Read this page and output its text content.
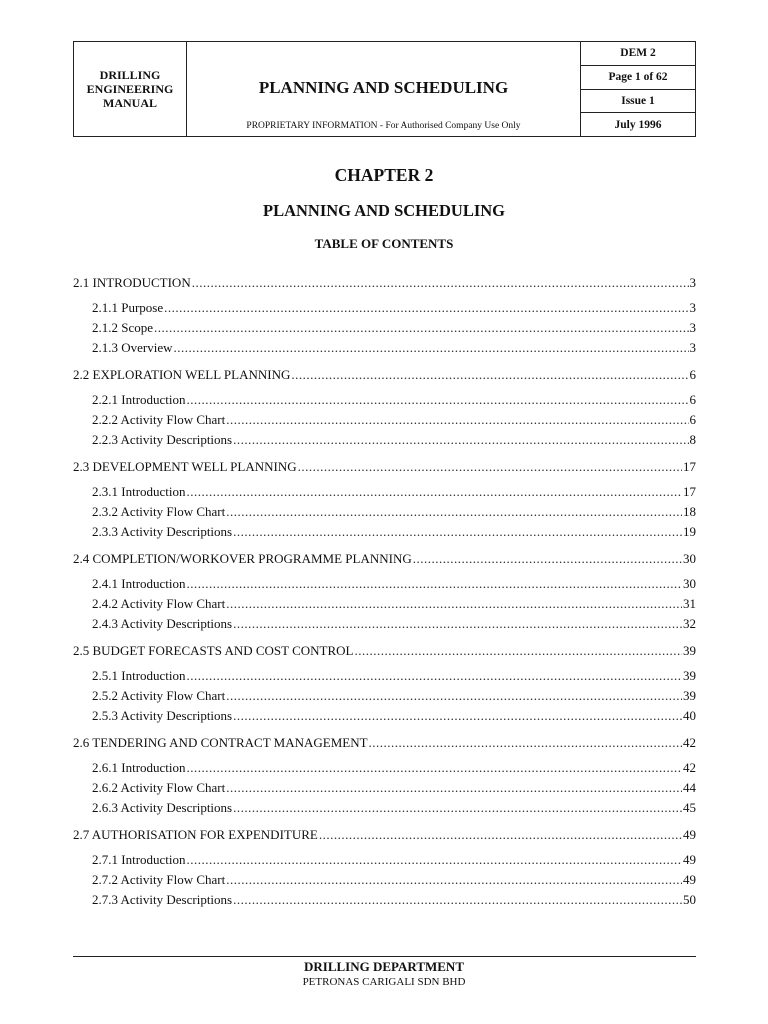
DRILLING
ENGINEERING
MANUAL
PLANNING AND SCHEDULING
PROPRIETARY INFORMATION - For Authorised Company Use Only
DEM 2
Page 1 of 62
Issue 1
July 1996
CHAPTER 2
PLANNING AND SCHEDULING
TABLE OF CONTENTS
2.1 INTRODUCTION .....	3
2.1.1 Purpose .....	3
2.1.2 Scope .....	3
2.1.3 Overview .....	3
2.2 EXPLORATION WELL PLANNING .....	6
2.2.1 Introduction .....	6
2.2.2 Activity Flow Chart .....	6
2.2.3 Activity Descriptions .....	8
2.3 DEVELOPMENT WELL PLANNING .....	17
2.3.1 Introduction .....	17
2.3.2 Activity Flow Chart .....	18
2.3.3 Activity Descriptions .....	19
2.4 COMPLETION/WORKOVER PROGRAMME PLANNING .....	30
2.4.1 Introduction .....	30
2.4.2 Activity Flow Chart .....	31
2.4.3 Activity Descriptions .....	32
2.5 BUDGET FORECASTS AND COST CONTROL .....	39
2.5.1 Introduction .....	39
2.5.2 Activity Flow Chart .....	39
2.5.3 Activity Descriptions .....	40
2.6 TENDERING AND CONTRACT MANAGEMENT .....	42
2.6.1 Introduction .....	42
2.6.2 Activity Flow Chart .....	44
2.6.3 Activity Descriptions .....	45
2.7 AUTHORISATION FOR EXPENDITURE .....	49
2.7.1 Introduction .....	49
2.7.2 Activity Flow Chart .....	49
2.7.3 Activity Descriptions .....	50
DRILLING DEPARTMENT
PETRONAS CARIGALI SDN BHD
